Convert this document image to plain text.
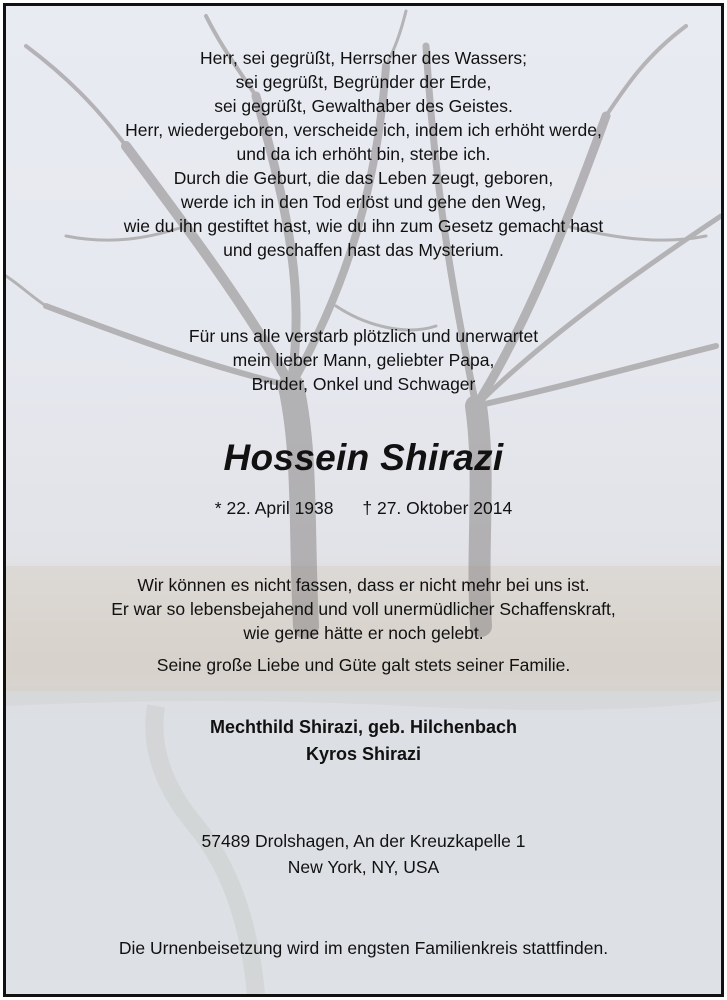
Herr, sei gegrüßt, Herrscher des Wassers;
sei gegrüßt, Begründer der Erde,
sei gegrüßt, Gewalthaber des Geistes.
Herr, wiedergeboren, verscheide ich, indem ich erhöht werde,
und da ich erhöht bin, sterbe ich.
Durch die Geburt, die das Leben zeugt, geboren,
werde ich in den Tod erlöst und gehe den Weg,
wie du ihn gestiftet hast, wie du ihn zum Gesetz gemacht hast
und geschaffen hast das Mysterium.
Für uns alle verstarb plötzlich und unerwartet
mein lieber Mann, geliebter Papa,
Bruder, Onkel und Schwager
Hossein Shirazi
* 22. April 1938 † 27. Oktober 2014
Wir können es nicht fassen, dass er nicht mehr bei uns ist.
Er war so lebensbejahend und voll unermüdlicher Schaffenskraft,
wie gerne hätte er noch gelebt.
Seine große Liebe und Güte galt stets seiner Familie.
Mechthild Shirazi, geb. Hilchenbach
Kyros Shirazi
57489 Drolshagen, An der Kreuzkapelle 1
New York, NY, USA
Die Urnenbeisetzung wird im engsten Familienkreis stattfinden.
